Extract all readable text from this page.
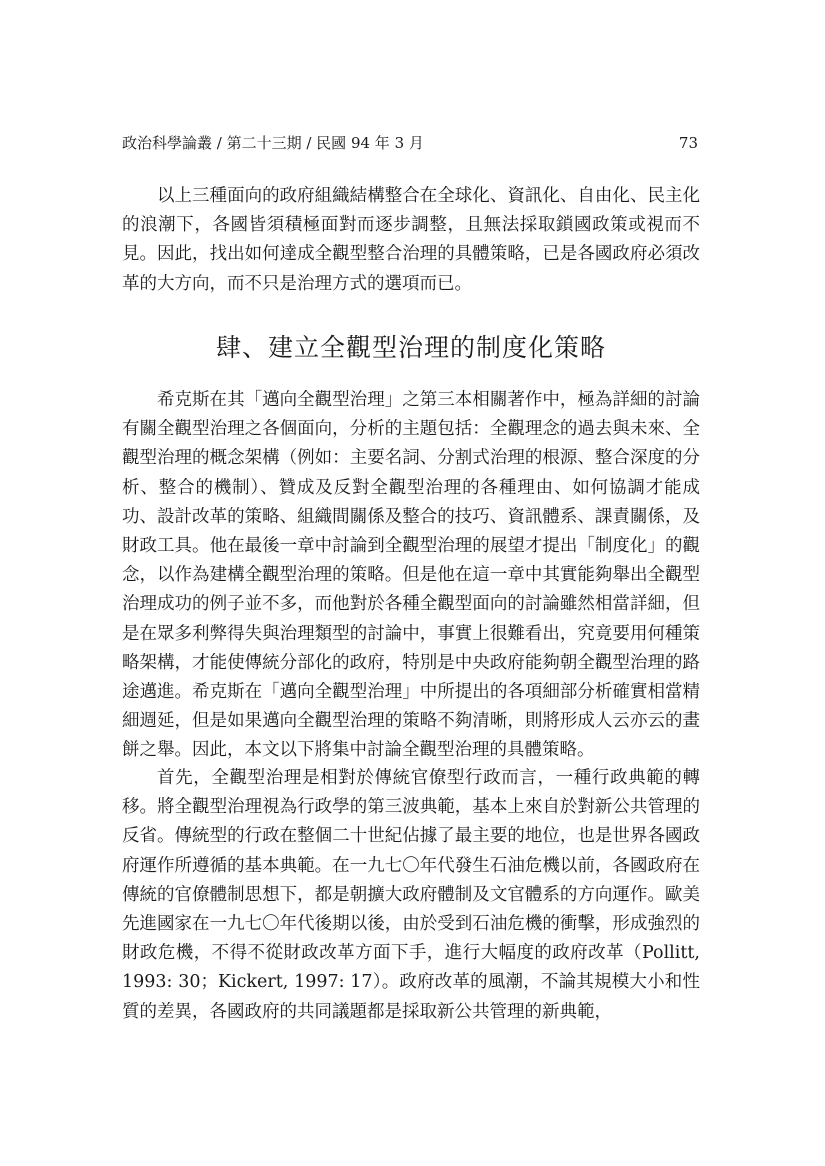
政治科學論叢 / 第二十三期 / 民國 94 年 3 月	73

以上三種面向的政府組織結構整合在全球化、資訊化、自由化、民主化的浪潮下，各國皆須積極面對而逐步調整，且無法採取鎖國政策或視而不見。因此，找出如何達成全觀型整合治理的具體策略，已是各國政府必須改革的大方向，而不只是治理方式的選項而已。

肆、建立全觀型治理的制度化策略

希克斯在其「邁向全觀型治理」之第三本相關著作中，極為詳細的討論有關全觀型治理之各個面向，分析的主題包括：全觀理念的過去與未來、全觀型治理的概念架構（例如：主要名詞、分割式治理的根源、整合深度的分析、整合的機制）、贊成及反對全觀型治理的各種理由、如何協調才能成功、設計改革的策略、組織間關係及整合的技巧、資訊體系、課責關係，及財政工具。他在最後一章中討論到全觀型治理的展望才提出「制度化」的觀念，以作為建構全觀型治理的策略。但是他在這一章中其實能夠舉出全觀型治理成功的例子並不多，而他對於各種全觀型面向的討論雖然相當詳細，但是在眾多利弊得失與治理類型的討論中，事實上很難看出，究竟要用何種策略架構，才能使傳統分部化的政府，特別是中央政府能夠朝全觀型治理的路途邁進。希克斯在「邁向全觀型治理」中所提出的各項細部分析確實相當精細週延，但是如果邁向全觀型治理的策略不夠清晰，則將形成人云亦云的畫餅之舉。因此，本文以下將集中討論全觀型治理的具體策略。

首先，全觀型治理是相對於傳統官僚型行政而言，一種行政典範的轉移。將全觀型治理視為行政學的第三波典範，基本上來自於對新公共管理的反省。傳統型的行政在整個二十世紀佔據了最主要的地位，也是世界各國政府運作所遵循的基本典範。在一九七〇年代發生石油危機以前，各國政府在傳統的官僚體制思想下，都是朝擴大政府體制及文官體系的方向運作。歐美先進國家在一九七〇年代後期以後，由於受到石油危機的衝擊，形成強烈的財政危機，不得不從財政改革方面下手，進行大幅度的政府改革（Pollitt, 1993: 30；Kickert, 1997: 17）。政府改革的風潮，不論其規模大小和性質的差異，各國政府的共同議題都是採取新公共管理的新典範，
